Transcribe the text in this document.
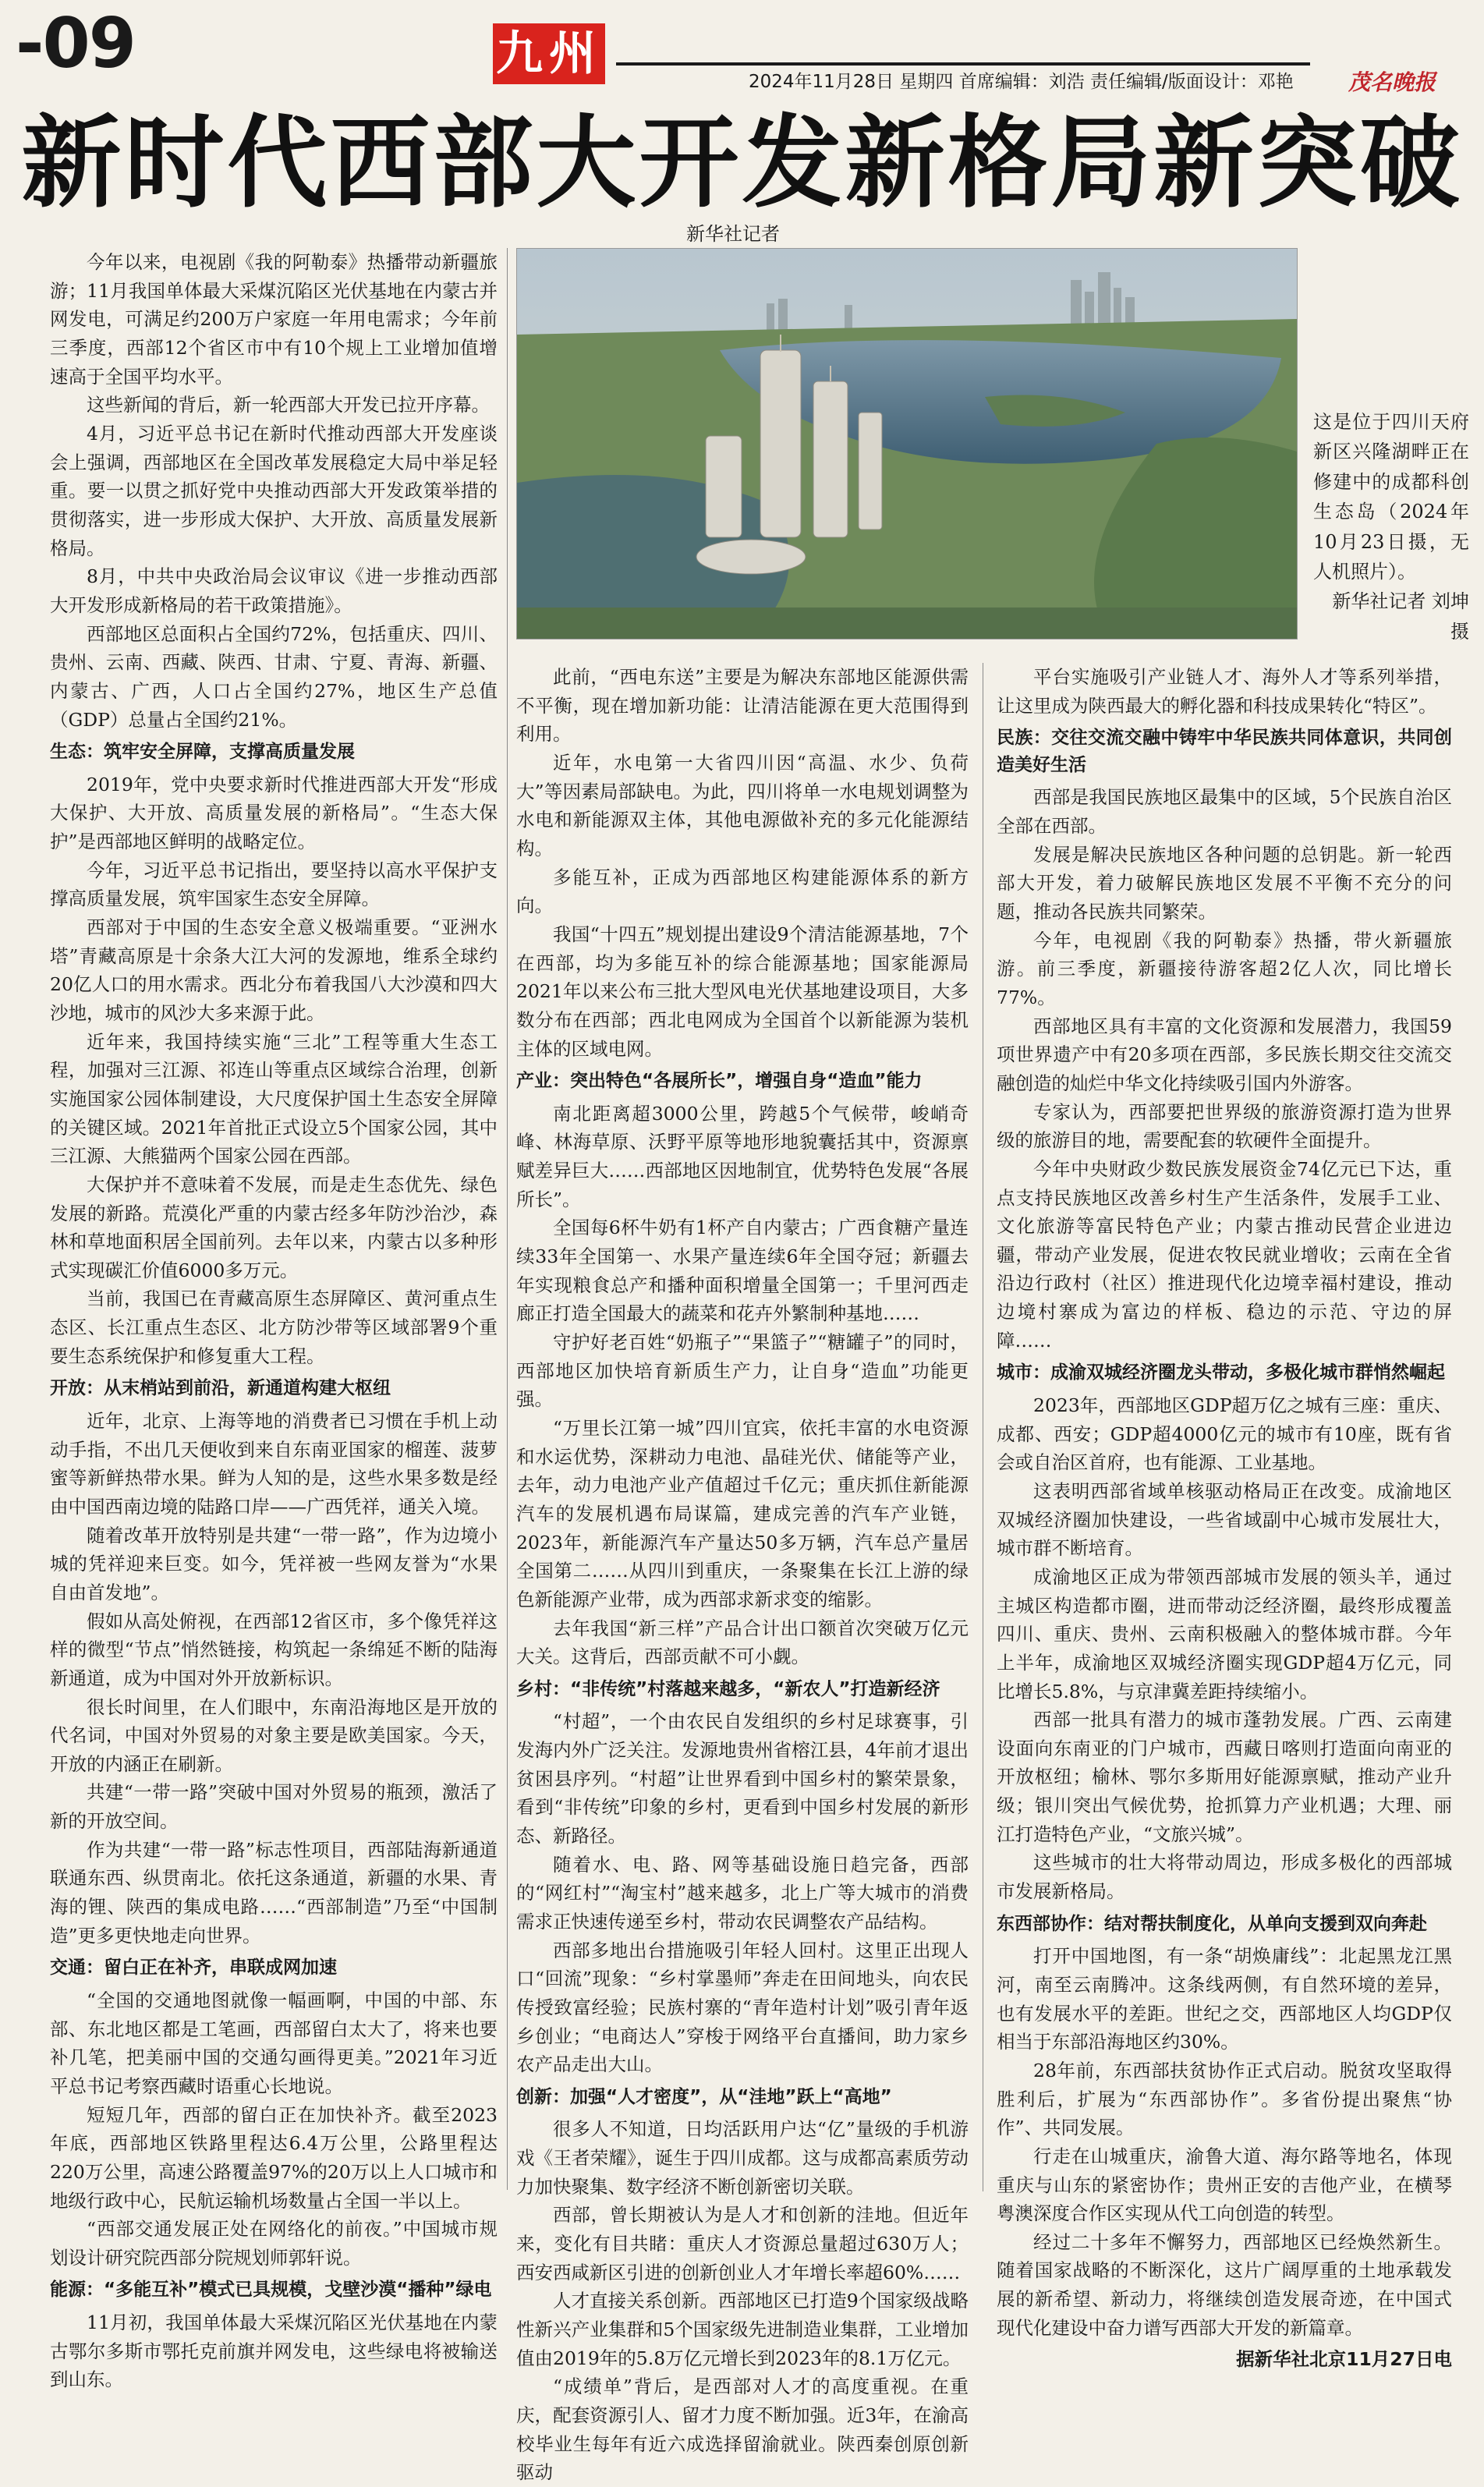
-09	九州
2024年11月28日 星期四 首席编辑：刘浩 责任编辑/版面设计：邓艳	茂名晚报
新时代西部大开发新格局新突破
新华社记者
这是位于四川天府新区兴隆湖畔正在修建中的成都科创生态岛（2024年10月23日摄，无人机照片）。
新华社记者 刘坤 摄

今年以来，电视剧《我的阿勒泰》热播带动新疆旅游；11月我国单体最大采煤沉陷区光伏基地在内蒙古并网发电，可满足约200万户家庭一年用电需求；今年前三季度，西部12个省区市中有10个规上工业增加值增速高于全国平均水平。

这些新闻的背后，新一轮西部大开发已拉开序幕。

4月，习近平总书记在新时代推动西部大开发座谈会上强调，西部地区在全国改革发展稳定大局中举足轻重。要一以贯之抓好党中央推动西部大开发政策举措的贯彻落实，进一步形成大保护、大开放、高质量发展新格局。

8月，中共中央政治局会议审议《进一步推动西部大开发形成新格局的若干政策措施》。

西部地区总面积占全国约72%，包括重庆、四川、贵州、云南、西藏、陕西、甘肃、宁夏、青海、新疆、内蒙古、广西，人口占全国约27%，地区生产总值（GDP）总量占全国约21%。

生态：筑牢安全屏障，支撑高质量发展

2019年，党中央要求新时代推进西部大开发“形成大保护、大开放、高质量发展的新格局”。“生态大保护”是西部地区鲜明的战略定位。

今年，习近平总书记指出，要坚持以高水平保护支撑高质量发展，筑牢国家生态安全屏障。

西部对于中国的生态安全意义极端重要。“亚洲水塔”青藏高原是十余条大江大河的发源地，维系全球约20亿人口的用水需求。西北分布着我国八大沙漠和四大沙地，城市的风沙大多来源于此。

近年来，我国持续实施“三北”工程等重大生态工程，加强对三江源、祁连山等重点区域综合治理，创新实施国家公园体制建设，大尺度保护国土生态安全屏障的关键区域。2021年首批正式设立5个国家公园，其中三江源、大熊猫两个国家公园在西部。

大保护并不意味着不发展，而是走生态优先、绿色发展的新路。荒漠化严重的内蒙古经多年防沙治沙，森林和草地面积居全国前列。去年以来，内蒙古以多种形式实现碳汇价值6000多万元。

当前，我国已在青藏高原生态屏障区、黄河重点生态区、长江重点生态区、北方防沙带等区域部署9个重要生态系统保护和修复重大工程。

开放：从末梢站到前沿，新通道构建大枢纽

近年，北京、上海等地的消费者已习惯在手机上动动手指，不出几天便收到来自东南亚国家的榴莲、菠萝蜜等新鲜热带水果。鲜为人知的是，这些水果多数是经由中国西南边境的陆路口岸——广西凭祥，通关入境。

随着改革开放特别是共建“一带一路”，作为边境小城的凭祥迎来巨变。如今，凭祥被一些网友誉为“水果自由首发地”。

假如从高处俯视，在西部12省区市，多个像凭祥这样的微型“节点”悄然链接，构筑起一条绵延不断的陆海新通道，成为中国对外开放新标识。

很长时间里，在人们眼中，东南沿海地区是开放的代名词，中国对外贸易的对象主要是欧美国家。今天，开放的内涵正在刷新。

共建“一带一路”突破中国对外贸易的瓶颈，激活了新的开放空间。

作为共建“一带一路”标志性项目，西部陆海新通道联通东西、纵贯南北。依托这条通道，新疆的水果、青海的锂、陕西的集成电路……“西部制造”乃至“中国制造”更多更快地走向世界。

交通：留白正在补齐，串联成网加速

“全国的交通地图就像一幅画啊，中国的中部、东部、东北地区都是工笔画，西部留白太大了，将来也要补几笔，把美丽中国的交通勾画得更美。”2021年习近平总书记考察西藏时语重心长地说。

短短几年，西部的留白正在加快补齐。截至2023年底，西部地区铁路里程达6.4万公里，公路里程达220万公里，高速公路覆盖97%的20万以上人口城市和地级行政中心，民航运输机场数量占全国一半以上。

“西部交通发展正处在网络化的前夜。”中国城市规划设计研究院西部分院规划师郭轩说。

能源：“多能互补”模式已具规模，戈壁沙漠“播种”绿电

11月初，我国单体最大采煤沉陷区光伏基地在内蒙古鄂尔多斯市鄂托克前旗并网发电，这些绿电将被输送到山东。

此前，“西电东送”主要是为解决东部地区能源供需不平衡，现在增加新功能：让清洁能源在更大范围得到利用。

近年，水电第一大省四川因“高温、水少、负荷大”等因素局部缺电。为此，四川将单一水电规划调整为水电和新能源双主体，其他电源做补充的多元化能源结构。

多能互补，正成为西部地区构建能源体系的新方向。

我国“十四五”规划提出建设9个清洁能源基地，7个在西部，均为多能互补的综合能源基地；国家能源局2021年以来公布三批大型风电光伏基地建设项目，大多数分布在西部；西北电网成为全国首个以新能源为装机主体的区域电网。

产业：突出特色“各展所长”，增强自身“造血”能力

南北距离超3000公里，跨越5个气候带，峻峭奇峰、林海草原、沃野平原等地形地貌囊括其中，资源禀赋差异巨大……西部地区因地制宜，优势特色发展“各展所长”。

全国每6杯牛奶有1杯产自内蒙古；广西食糖产量连续33年全国第一、水果产量连续6年全国夺冠；新疆去年实现粮食总产和播种面积增量全国第一；千里河西走廊正打造全国最大的蔬菜和花卉外繁制种基地……

守护好老百姓“奶瓶子”“果篮子”“糖罐子”的同时，西部地区加快培育新质生产力，让自身“造血”功能更强。

“万里长江第一城”四川宜宾，依托丰富的水电资源和水运优势，深耕动力电池、晶硅光伏、储能等产业，去年，动力电池产业产值超过千亿元；重庆抓住新能源汽车的发展机遇布局谋篇，建成完善的汽车产业链，2023年，新能源汽车产量达50多万辆，汽车总产量居全国第二……从四川到重庆，一条聚集在长江上游的绿色新能源产业带，成为西部求新求变的缩影。

去年我国“新三样”产品合计出口额首次突破万亿元大关。这背后，西部贡献不可小觑。

乡村：“非传统”村落越来越多，“新农人”打造新经济

“村超”，一个由农民自发组织的乡村足球赛事，引发海内外广泛关注。发源地贵州省榕江县，4年前才退出贫困县序列。“村超”让世界看到中国乡村的繁荣景象，看到“非传统”印象的乡村，更看到中国乡村发展的新形态、新路径。

随着水、电、路、网等基础设施日趋完备，西部的“网红村”“淘宝村”越来越多，北上广等大城市的消费需求正快速传递至乡村，带动农民调整农产品结构。

西部多地出台措施吸引年轻人回村。这里正出现人口“回流”现象：“乡村掌墨师”奔走在田间地头，向农民传授致富经验；民族村寨的“青年造村计划”吸引青年返乡创业；“电商达人”穿梭于网络平台直播间，助力家乡农产品走出大山。

创新：加强“人才密度”，从“洼地”跃上“高地”

很多人不知道，日均活跃用户达“亿”量级的手机游戏《王者荣耀》，诞生于四川成都。这与成都高素质劳动力加快聚集、数字经济不断创新密切关联。

西部，曾长期被认为是人才和创新的洼地。但近年来，变化有目共睹：重庆人才资源总量超过630万人；西安西咸新区引进的创新创业人才年增长率超60%……

人才直接关系创新。西部地区已打造9个国家级战略性新兴产业集群和5个国家级先进制造业集群，工业增加值由2019年的5.8万亿元增长到2023年的8.1万亿元。

“成绩单”背后，是西部对人才的高度重视。在重庆，配套资源引人、留才力度不断加强。近3年，在渝高校毕业生每年有近六成选择留渝就业。陕西秦创原创新驱动

平台实施吸引产业链人才、海外人才等系列举措，让这里成为陕西最大的孵化器和科技成果转化“特区”。

民族：交往交流交融中铸牢中华民族共同体意识，共同创造美好生活

西部是我国民族地区最集中的区域，5个民族自治区全部在西部。

发展是解决民族地区各种问题的总钥匙。新一轮西部大开发，着力破解民族地区发展不平衡不充分的问题，推动各民族共同繁荣。

今年，电视剧《我的阿勒泰》热播，带火新疆旅游。前三季度，新疆接待游客超2亿人次，同比增长77%。

西部地区具有丰富的文化资源和发展潜力，我国59项世界遗产中有20多项在西部，多民族长期交往交流交融创造的灿烂中华文化持续吸引国内外游客。

专家认为，西部要把世界级的旅游资源打造为世界级的旅游目的地，需要配套的软硬件全面提升。

今年中央财政少数民族发展资金74亿元已下达，重点支持民族地区改善乡村生产生活条件，发展手工业、文化旅游等富民特色产业；内蒙古推动民营企业进边疆，带动产业发展，促进农牧民就业增收；云南在全省沿边行政村（社区）推进现代化边境幸福村建设，推动边境村寨成为富边的样板、稳边的示范、守边的屏障……

城市：成渝双城经济圈龙头带动，多极化城市群悄然崛起

2023年，西部地区GDP超万亿之城有三座：重庆、成都、西安；GDP超4000亿元的城市有10座，既有省会或自治区首府，也有能源、工业基地。

这表明西部省域单核驱动格局正在改变。成渝地区双城经济圈加快建设，一些省域副中心城市发展壮大，城市群不断培育。

成渝地区正成为带领西部城市发展的领头羊，通过主城区构造都市圈，进而带动泛经济圈，最终形成覆盖四川、重庆、贵州、云南积极融入的整体城市群。今年上半年，成渝地区双城经济圈实现GDP超4万亿元，同比增长5.8%，与京津冀差距持续缩小。

西部一批具有潜力的城市蓬勃发展。广西、云南建设面向东南亚的门户城市，西藏日喀则打造面向南亚的开放枢纽；榆林、鄂尔多斯用好能源禀赋，推动产业升级；银川突出气候优势，抢抓算力产业机遇；大理、丽江打造特色产业，“文旅兴城”。

这些城市的壮大将带动周边，形成多极化的西部城市发展新格局。

东西部协作：结对帮扶制度化，从单向支援到双向奔赴

打开中国地图，有一条“胡焕庸线”：北起黑龙江黑河，南至云南腾冲。这条线两侧，有自然环境的差异，也有发展水平的差距。世纪之交，西部地区人均GDP仅相当于东部沿海地区约30%。

28年前，东西部扶贫协作正式启动。脱贫攻坚取得胜利后，扩展为“东西部协作”。多省份提出聚焦“协作”、共同发展。

行走在山城重庆，渝鲁大道、海尔路等地名，体现重庆与山东的紧密协作；贵州正安的吉他产业，在横琴粤澳深度合作区实现从代工向创造的转型。

经过二十多年不懈努力，西部地区已经焕然新生。随着国家战略的不断深化，这片广阔厚重的土地承载发展的新希望、新动力，将继续创造发展奇迹，在中国式现代化建设中奋力谱写西部大开发的新篇章。

据新华社北京11月27日电
